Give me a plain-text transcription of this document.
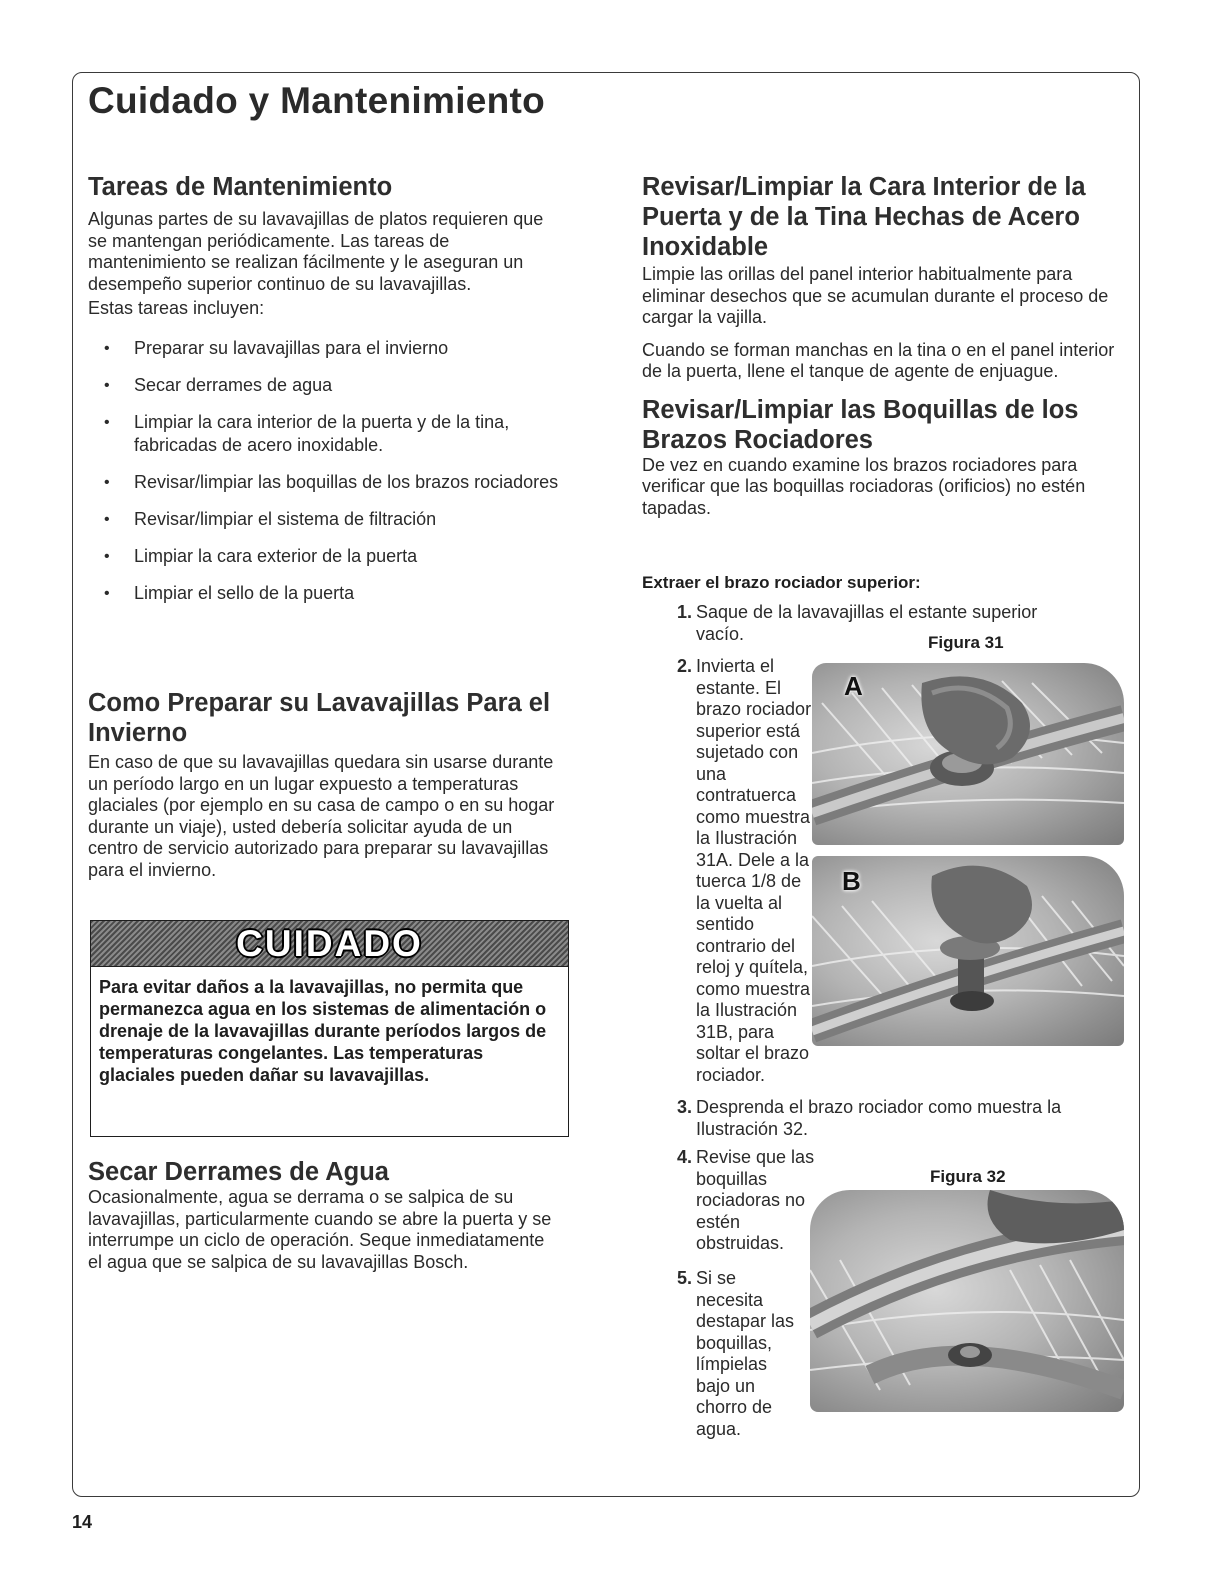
Cuidado y Mantenimiento
Tareas de Mantenimiento

Algunas partes de su lavavajillas de platos requieren que se mantengan periódicamente. Las tareas de mantenimiento se realizan fácilmente y le aseguran un desempeño superior continuo de su lavavajillas.

Estas tareas incluyen:

• Preparar su lavavajillas para el invierno
• Secar derrames de agua
• Limpiar la cara interior de la puerta y de la tina, fabricadas de acero inoxidable.
• Revisar/limpiar las boquillas de los brazos rociadores
• Revisar/limpiar el sistema de filtración
• Limpiar la cara exterior de la puerta
• Limpiar el sello de la puerta
Como Preparar su Lavavajillas Para el Invierno

En caso de que su lavavajillas quedara sin usarse durante un período largo en un lugar expuesto a temperaturas glaciales (por ejemplo en su casa de campo o en su hogar durante un viaje), usted debería solicitar ayuda de un centro de servicio autorizado para preparar su lavavajillas para el invierno.

CUIDADO
Para evitar daños a la lavavajillas, no permita que permanezca agua en los sistemas de alimentación o drenaje de la lavavajillas durante períodos largos de temperaturas congelantes. Las temperaturas glaciales pueden dañar su lavavajillas.
Secar Derrames de Agua

Ocasionalmente, agua se derrama o se salpica de su lavavajillas, particularmente cuando se abre la puerta y se interrumpe un ciclo de operación. Seque inmediatamente el agua que se salpica de su lavavajillas Bosch.

Revisar/Limpiar la Cara Interior de la Puerta y de la Tina Hechas de Acero Inoxidable

Limpie las orillas del panel interior habitualmente para eliminar desechos que se acumulan durante el proceso de cargar la vajilla.

Cuando se forman manchas en la tina o en el panel interior de la puerta, llene el tanque de agente de enjuague.

Revisar/Limpiar las Boquillas de los Brazos Rociadores

De vez en cuando examine los brazos rociadores para verificar que las boquillas rociadoras (orificios) no estén tapadas.

Extraer el brazo rociador superior:
1. Saque de la lavavajillas el estante superior vacío.	Figura 31
2. Invierta el estante. El brazo rociador superior está sujetado con una contratuerca como muestra la Ilustración 31A. Dele a la tuerca 1/8 de la vuelta al sentido contrario del reloj y quítela, como muestra la Ilustración 31B, para soltar el brazo rociador.
A
B
3. Desprenda el brazo rociador como muestra la Ilustración 32.
4. Revise que las boquillas rociadoras no estén obstruidas.
Figura 32
5. Si se necesita destapar las boquillas, límpielas bajo un chorro de agua.
14
